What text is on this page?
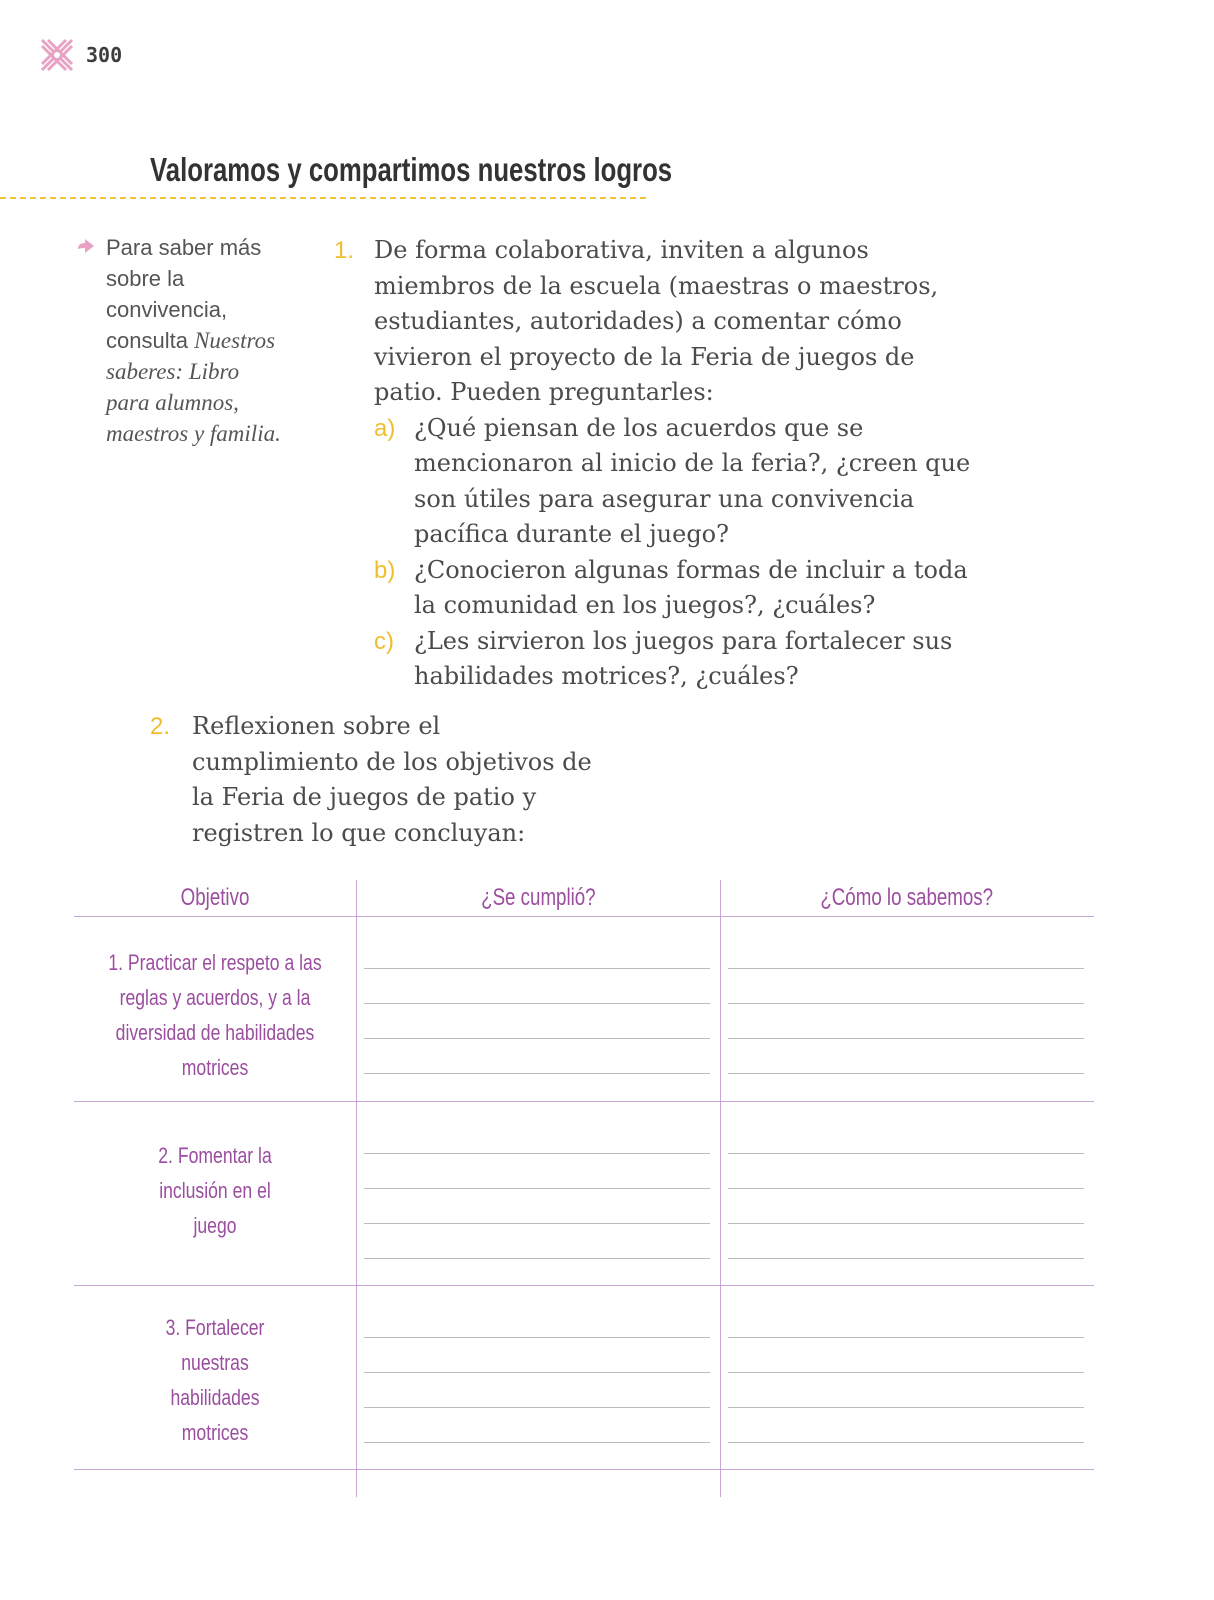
300
Valoramos y compartimos nuestros logros
Para saber más sobre la convivencia, consulta Nuestros saberes: Libro para alumnos, maestros y familia.
1. De forma colaborativa, inviten a algunos miembros de la escuela (maestras o maestros, estudiantes, autoridades) a comentar cómo vivieron el proyecto de la Feria de juegos de patio. Pueden preguntarles:

a) ¿Qué piensan de los acuerdos que se mencionaron al inicio de la feria?, ¿creen que son útiles para asegurar una convivencia pacífica durante el juego?
b) ¿Conocieron algunas formas de incluir a toda la comunidad en los juegos?, ¿cuáles?
c) ¿Les sirvieron los juegos para fortalecer sus habilidades motrices?, ¿cuáles?
2. Reflexionen sobre el cumplimiento de los objetivos de la Feria de juegos de patio y registren lo que concluyan:

Objetivo	¿Se cumplió?	¿Cómo lo sabemos?
1. Practicar el respeto a las reglas y acuerdos, y a la diversidad de habilidades motrices
2. Fomentar la inclusión en el juego
3. Fortalecer nuestras habilidades motrices
